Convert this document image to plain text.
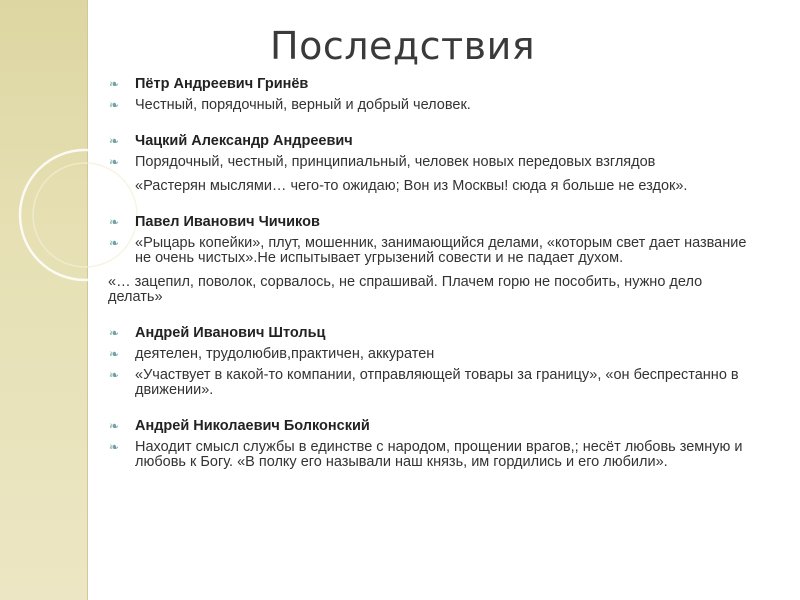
Последствия

❧ Пётр Андреевич Гринёв

❧ Честный, порядочный, верный и добрый человек.

❧ Чацкий Александр Андреевич

❧ Порядочный, честный, принципиальный, человек новых передовых взглядов

«Растерян мыслями… чего-то ожидаю; Вон из Москвы! сюда я больше не ездок».

❧ Павел Иванович Чичиков

❧ «Рыцарь копейки», плут, мошенник, занимающийся делами, «которым свет дает название не очень чистых».Не испытывает угрызений совести и не падает духом.

«… зацепил, поволок, сорвалось, не спрашивай. Плачем горю не пособить, нужно дело делать»

❧ Андрей Иванович Штольц

❧ деятелен, трудолюбив,практичен, аккуратен

❧ «Участвует в какой-то компании, отправляющей товары за границу», «он беспрестанно в движении».

❧ Андрей Николаевич Болконский

❧ Находит смысл службы в единстве с народом, прощении врагов,; несёт любовь земную и любовь к Богу. «В полку его называли наш князь, им гордились и его любили».
